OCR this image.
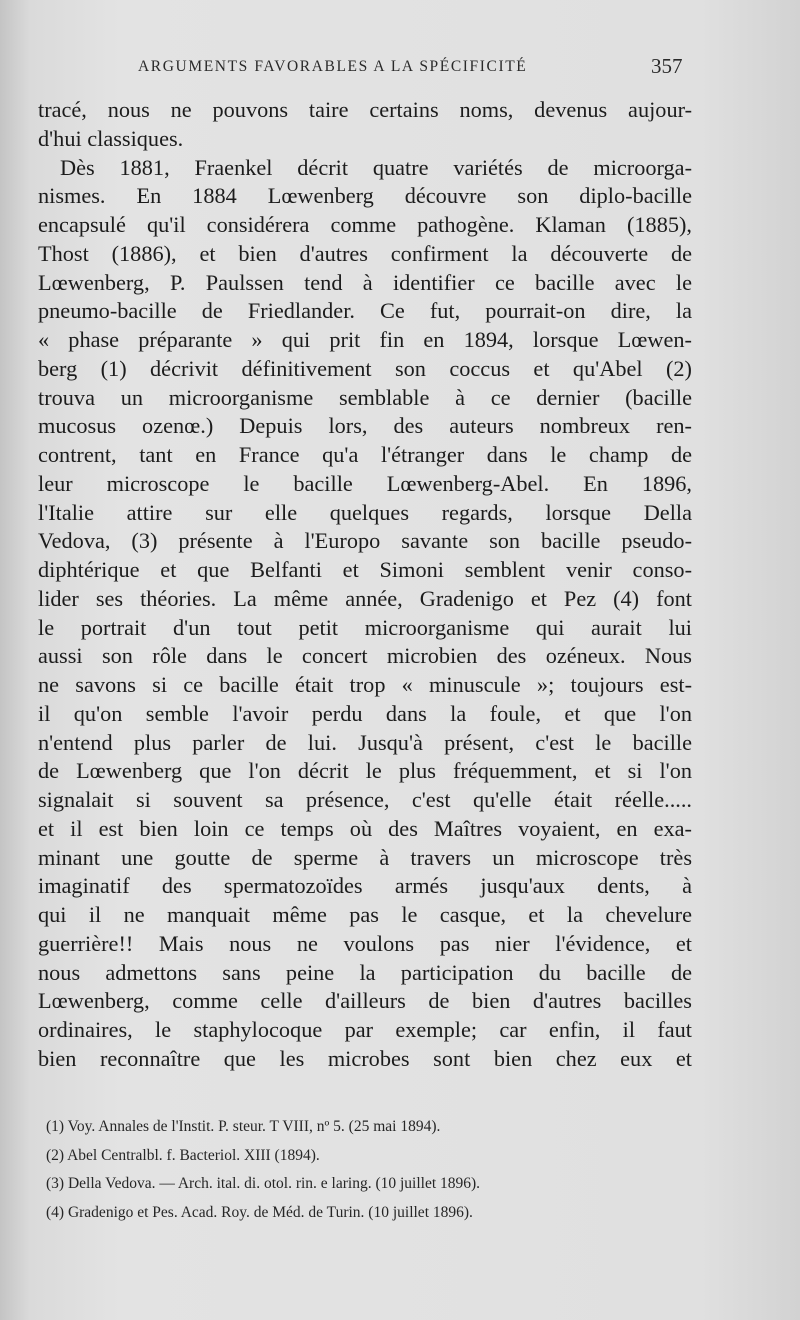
ARGUMENTS FAVORABLES A LA SPÉCIFICITÉ	357
tracé, nous ne pouvons taire certains noms, devenus aujour-
d'hui classiques.
Dès 1881, Fraenkel décrit quatre variétés de microorga-
nismes. En 1884 Lœwenberg découvre son diplo-bacille
encapsulé qu'il considérera comme pathogène. Klaman (1885),
Thost (1886), et bien d'autres confirment la découverte de
Lœwenberg, P. Paulssen tend à identifier ce bacille avec le
pneumo-bacille de Friedlander. Ce fut, pourrait-on dire, la
« phase préparante » qui prit fin en 1894, lorsque Lœwen-
berg (1) décrivit définitivement son coccus et qu'Abel (2)
trouva un microorganisme semblable à ce dernier (bacille
mucosus ozenœ.) Depuis lors, des auteurs nombreux ren-
contrent, tant en France qu'a l'étranger dans le champ de
leur microscope le bacille Lœwenberg-Abel. En 1896,
l'Italie attire sur elle quelques regards, lorsque Della
Vedova, (3) présente à l'Europo savante son bacille pseudo-
diphtérique et que Belfanti et Simoni semblent venir conso-
lider ses théories. La même année, Gradenigo et Pez (4) font
le portrait d'un tout petit microorganisme qui aurait lui
aussi son rôle dans le concert microbien des ozéneux. Nous
ne savons si ce bacille était trop « minuscule »; toujours est-
il qu'on semble l'avoir perdu dans la foule, et que l'on
n'entend plus parler de lui. Jusqu'à présent, c'est le bacille
de Lœwenberg que l'on décrit le plus fréquemment, et si l'on
signalait si souvent sa présence, c'est qu'elle était réelle.....
et il est bien loin ce temps où des Maîtres voyaient, en exa-
minant une goutte de sperme à travers un microscope très
imaginatif des spermatozoïdes armés jusqu'aux dents, à
qui il ne manquait même pas le casque, et la chevelure
guerrière!! Mais nous ne voulons pas nier l'évidence, et
nous admettons sans peine la participation du bacille de
Lœwenberg, comme celle d'ailleurs de bien d'autres bacilles
ordinaires, le staphylocoque par exemple; car enfin, il faut
bien reconnaître que les microbes sont bien chez eux et
(1) Voy. Annales de l'Instit. P. steur. T VIII, nº 5. (25 mai 1894).
(2) Abel Centralbl. f. Bacteriol. XIII (1894).
(3) Della Vedova. — Arch. ital. di. otol. rin. e laring. (10 juillet 1896).
(4) Gradenigo et Pes. Acad. Roy. de Méd. de Turin. (10 juillet 1896).
